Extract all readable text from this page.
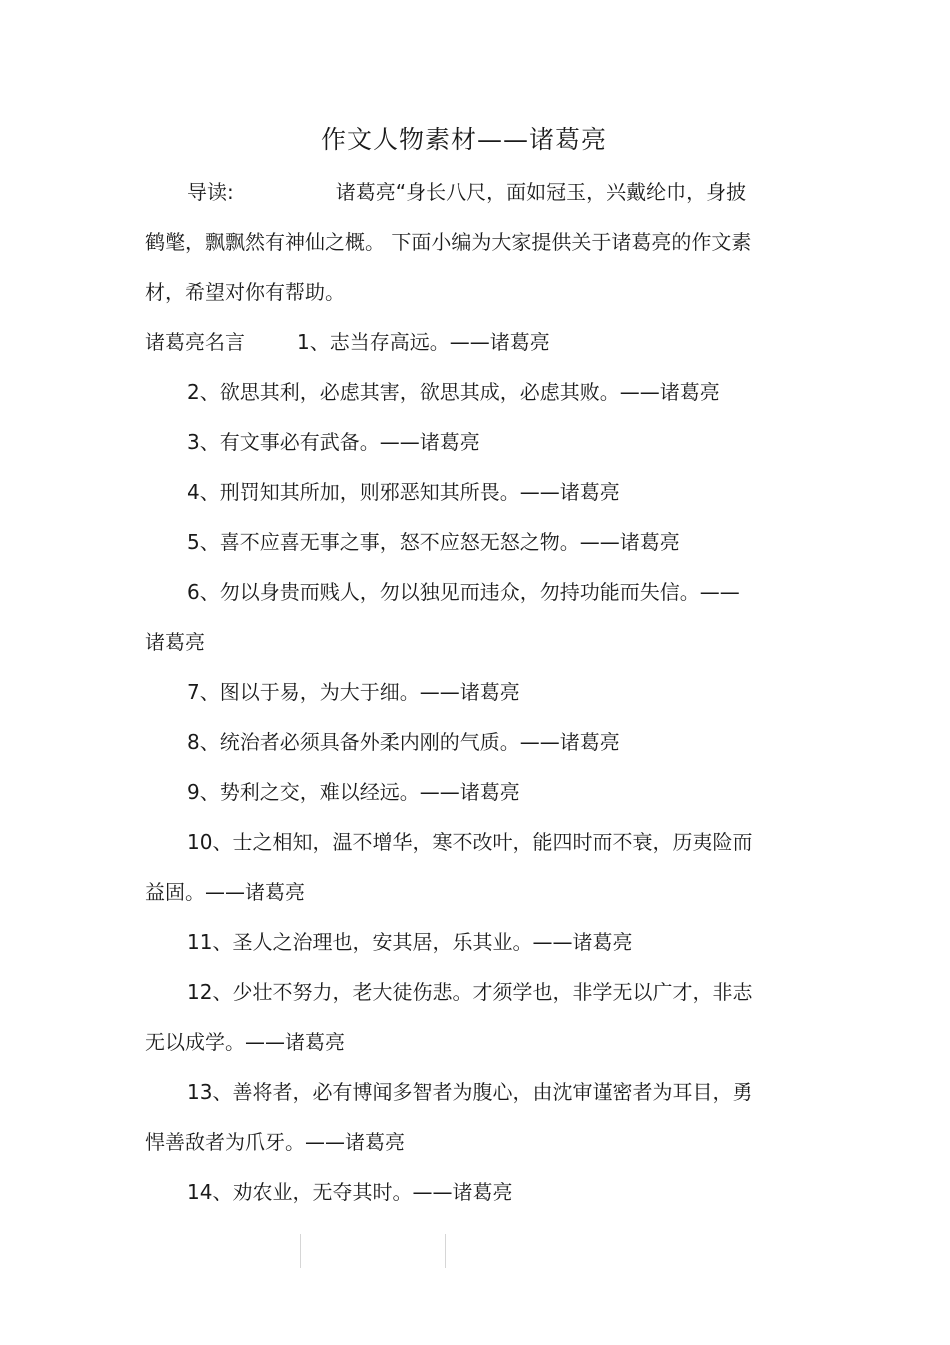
作文人物素材——诸葛亮
导读:	诸葛亮“身长八尺，面如冠玉，兴戴纶巾，身披
鹤氅，飘飘然有神仙之概。 下面小编为大家提供关于诸葛亮的作文素
材，希望对你有帮助。
诸葛亮名言	1、志当存高远。——诸葛亮
2、欲思其利，必虑其害，欲思其成，必虑其败。——诸葛亮
3、有文事必有武备。——诸葛亮
4、刑罚知其所加，则邪恶知其所畏。——诸葛亮
5、喜不应喜无事之事，怒不应怒无怒之物。——诸葛亮
6、勿以身贵而贱人，勿以独见而违众，勿持功能而失信。——
诸葛亮
7、图以于易，为大于细。——诸葛亮
8、统治者必须具备外柔内刚的气质。——诸葛亮
9、势利之交，难以经远。——诸葛亮
10、士之相知，温不增华，寒不改叶，能四时而不衰，历夷险而
益固。——诸葛亮
11、圣人之治理也，安其居，乐其业。——诸葛亮
12、少壮不努力，老大徒伤悲。才须学也，非学无以广才，非志
无以成学。——诸葛亮
13、善将者，必有博闻多智者为腹心，由沈审谨密者为耳目，勇
悍善敌者为爪牙。——诸葛亮
14、劝农业，无夺其时。——诸葛亮
